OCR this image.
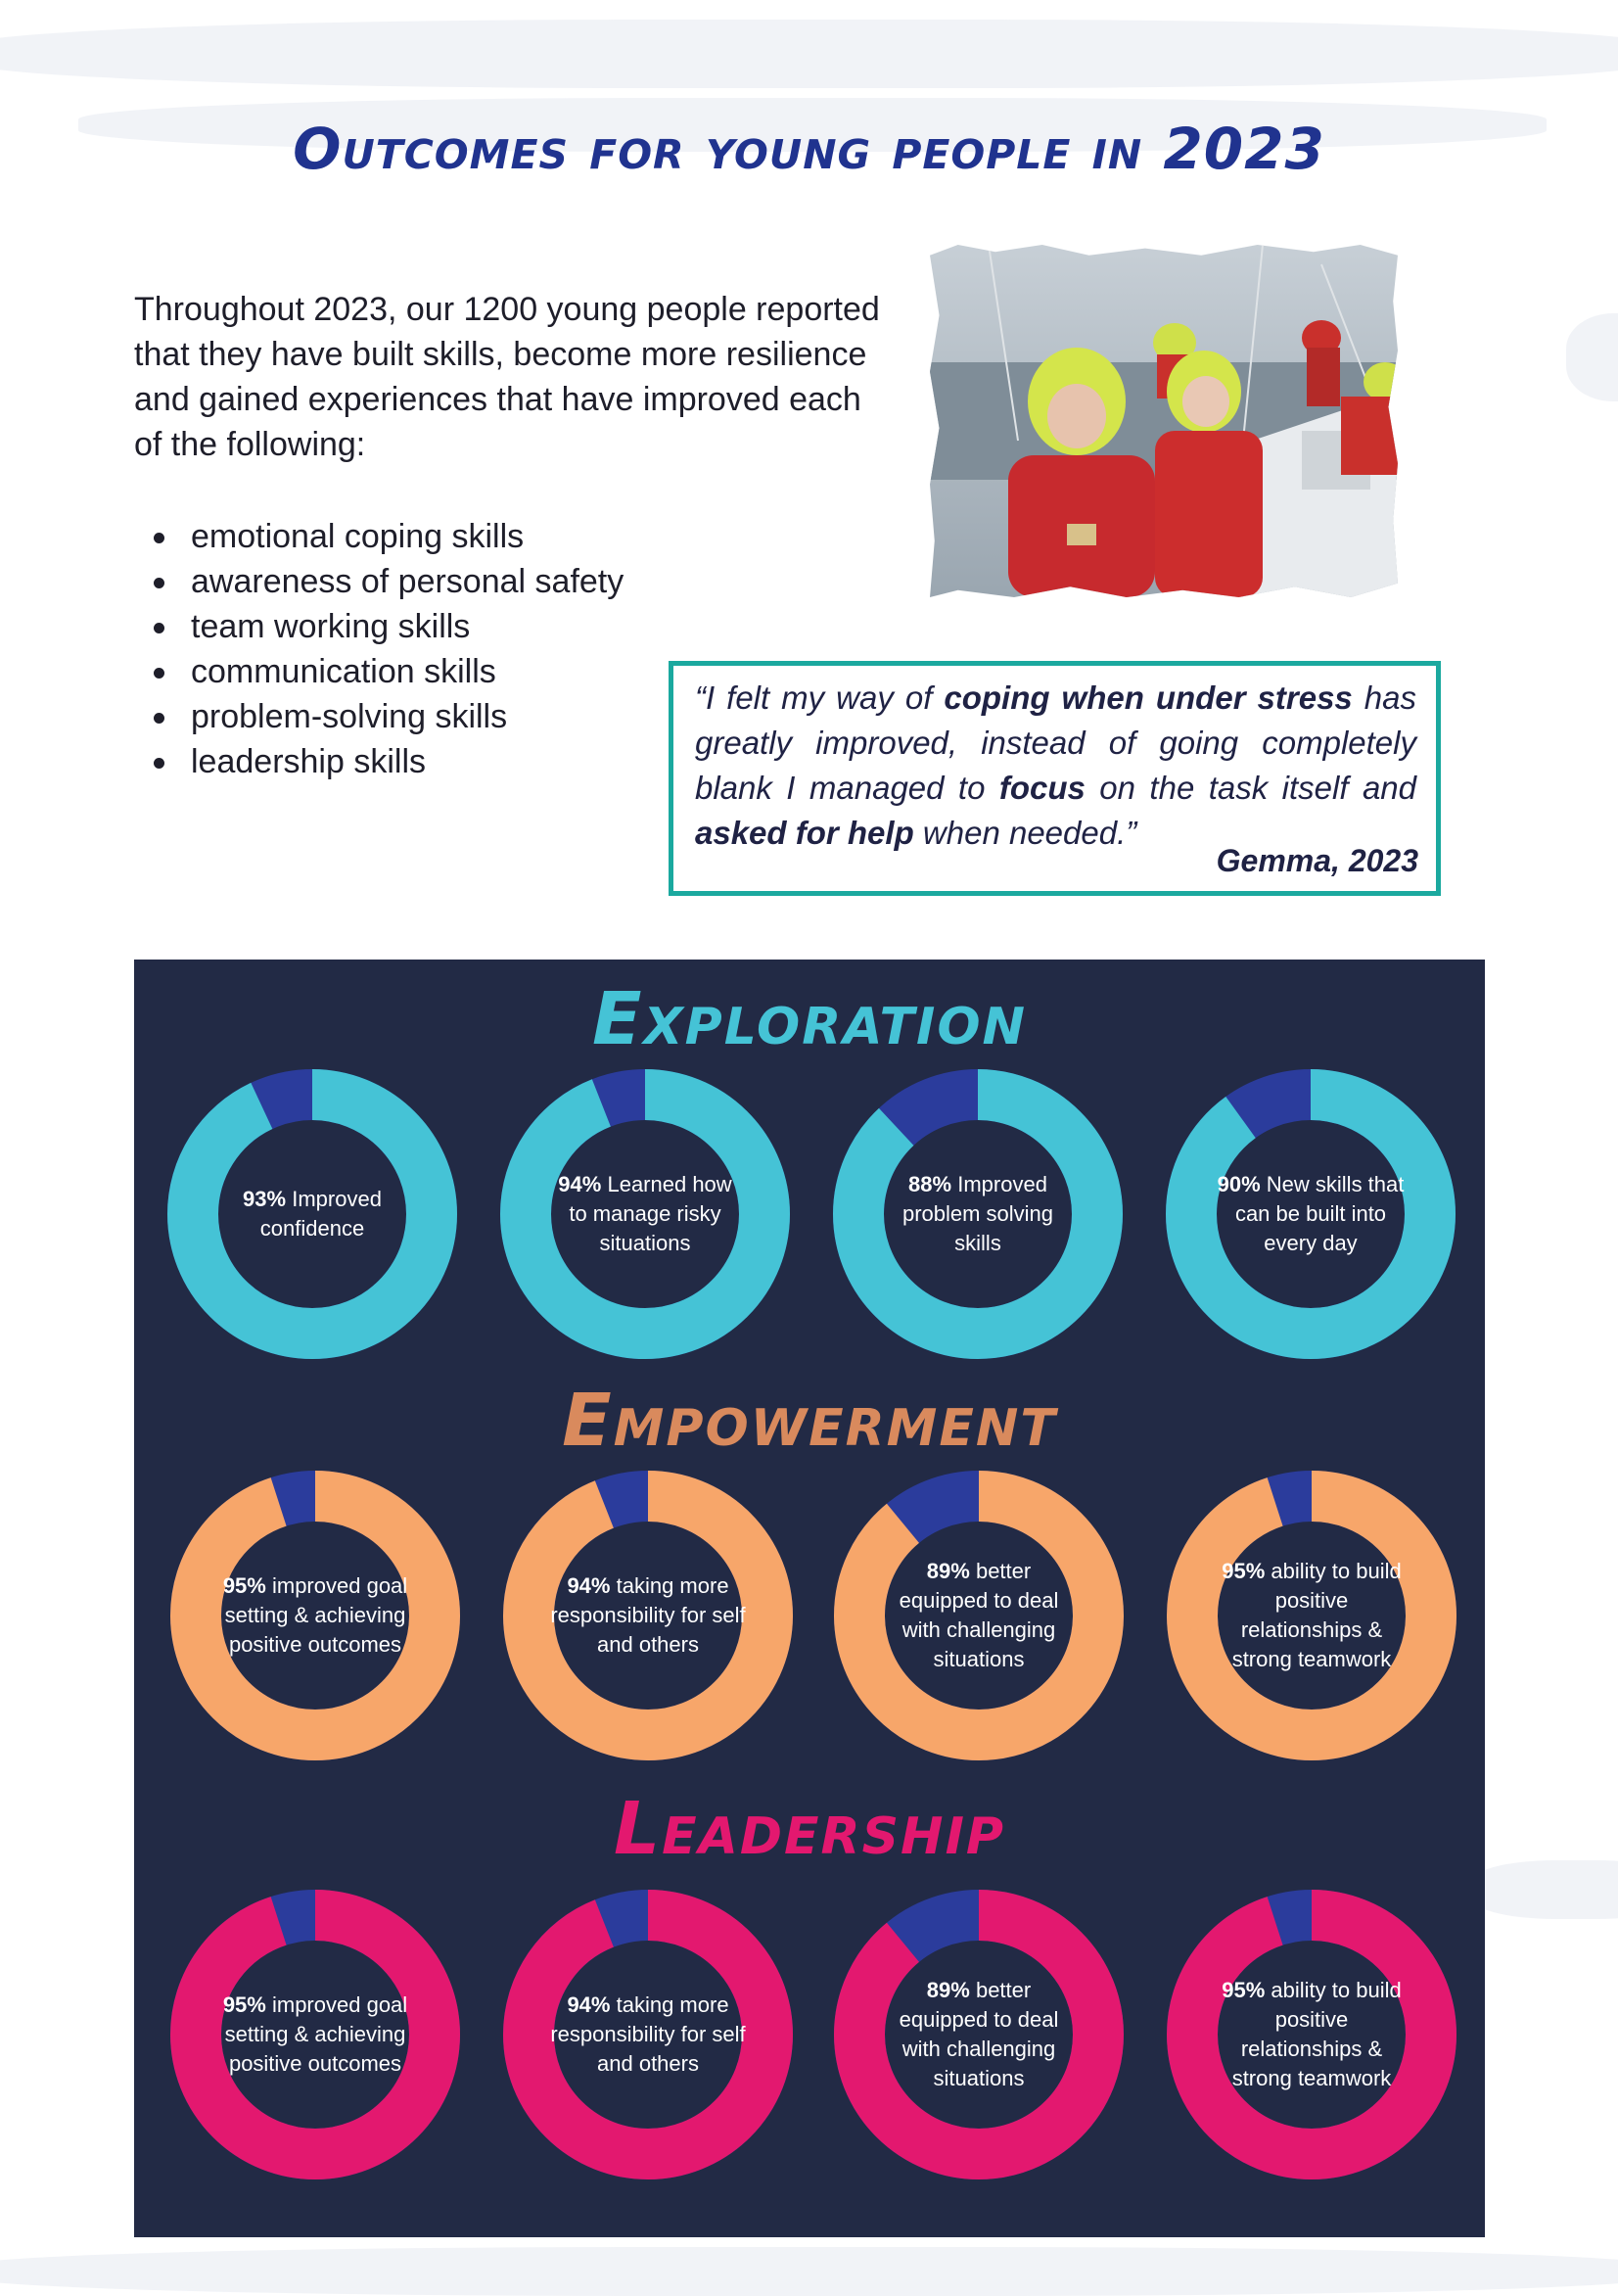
Outcomes for young people in 2023

Throughout 2023, our 1200 young people reported that they have built skills, become more resilience and gained experiences that have improved each of the following:

emotional coping skills
awareness of personal safety
team working skills
communication skills
problem-solving skills
leadership skills

“I felt my way of coping when under stress has greatly improved, instead of going completely blank I managed to focus on the task itself and asked for help when needed.”

Gemma, 2023

Exploration
Empowerment
Leadership
93% Improved confidence
94% Learned how to manage risky situations
88% Improved problem solving skills
90% New skills that can be built into every day
95% improved goal setting & achieving positive outcomes
94% taking more responsibility for self and others
89% better equipped to deal with challenging situations
95% ability to build positive relationships & strong teamwork
95% improved goal setting & achieving positive outcomes
94% taking more responsibility for self and others
89% better equipped to deal with challenging situations
95% ability to build positive relationships & strong teamwork
